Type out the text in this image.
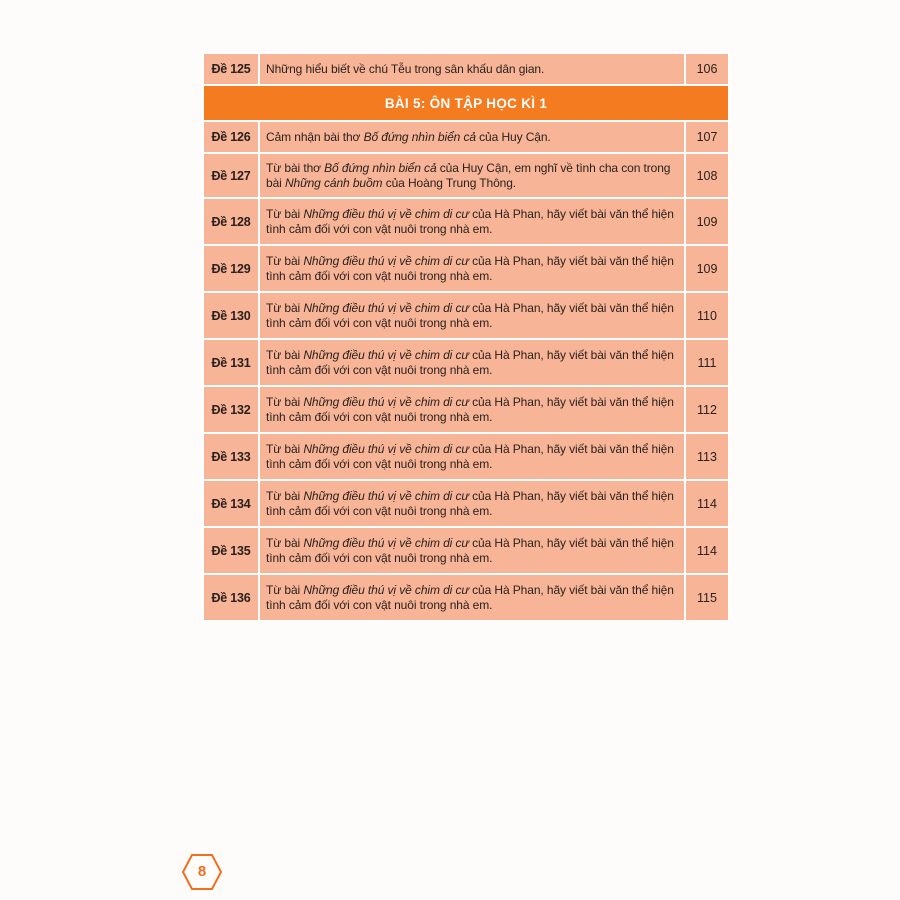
Đề 125	Những hiểu biết về chú Tễu trong sân khấu dân gian.	106
BÀI 5: ÔN TẬP HỌC KÌ 1		
Đề 126	Cảm nhận bài thơ Bố đứng nhìn biển cả của Huy Cận.	107
Đề 127	Từ bài thơ Bố đứng nhìn biển cả của Huy Cận, em nghĩ về tình cha con trong bài Những cánh buồm của Hoàng Trung Thông.	108
Đề 128	Từ bài Những điều thú vị về chim di cư của Hà Phan, hãy viết bài văn thể hiện tình cảm đối với con vật nuôi trong nhà em.	109
Đề 129	Từ bài Những điều thú vị về chim di cư của Hà Phan, hãy viết bài văn thể hiện tình cảm đối với con vật nuôi trong nhà em.	109
Đề 130	Từ bài Những điều thú vị về chim di cư của Hà Phan, hãy viết bài văn thể hiện tình cảm đối với con vật nuôi trong nhà em.	110
Đề 131	Từ bài Những điều thú vị về chim di cư của Hà Phan, hãy viết bài văn thể hiện tình cảm đối với con vật nuôi trong nhà em.	111
Đề 132	Từ bài Những điều thú vị về chim di cư của Hà Phan, hãy viết bài văn thể hiện tình cảm đối với con vật nuôi trong nhà em.	112
Đề 133	Từ bài Những điều thú vị về chim di cư của Hà Phan, hãy viết bài văn thể hiện tình cảm đối với con vật nuôi trong nhà em.	113
Đề 134	Từ bài Những điều thú vị về chim di cư của Hà Phan, hãy viết bài văn thể hiện tình cảm đối với con vật nuôi trong nhà em.	114
Đề 135	Từ bài Những điều thú vị về chim di cư của Hà Phan, hãy viết bài văn thể hiện tình cảm đối với con vật nuôi trong nhà em.	114
Đề 136	Từ bài Những điều thú vị về chim di cư của Hà Phan, hãy viết bài văn thể hiện tình cảm đối với con vật nuôi trong nhà em.	115
8
